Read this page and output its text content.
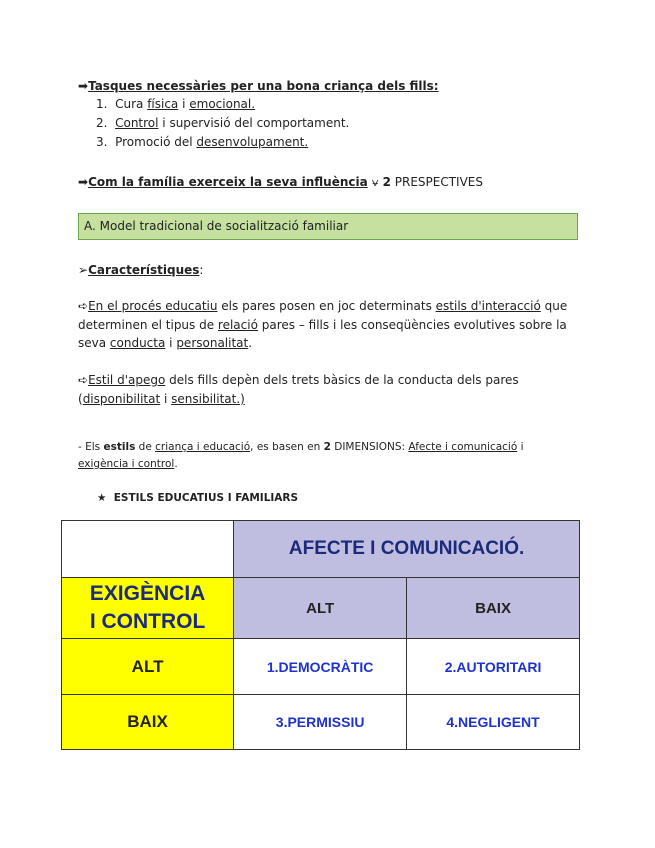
➡Tasques necessàries per una bona criança dels fills:
1. Cura física i emocional.
2. Control i supervisió del comportament.
3. Promoció del desenvolupament.
➡Com la família exerceix la seva influència ⍱ 2 PRESPECTIVES
A. Model tradicional de socialització familiar
➢Característiques:
➪En el procés educatiu els pares posen en joc determinats estils d'interacció que
determinen el tipus de relació pares – fills i les conseqüències evolutives sobre la
seva conducta i personalitat.
➪Estil d'apego dels fills depèn dels trets bàsics de la conducta dels pares
(disponibilitat i sensibilitat.)
- Els estils de criança i educació, es basen en 2 DIMENSIONS: Afecte i comunicació i
exigència i control.
★ ESTILS EDUCATIUS I FAMILIARS
	AFECTE I COMUNICACIÓ.	

EXIGÈNCIA
I CONTROL	ALT	BAIX
ALT	1.DEMOCRÀTIC	2.AUTORITARI
BAIX	3.PERMISSIU	4.NEGLIGENT
